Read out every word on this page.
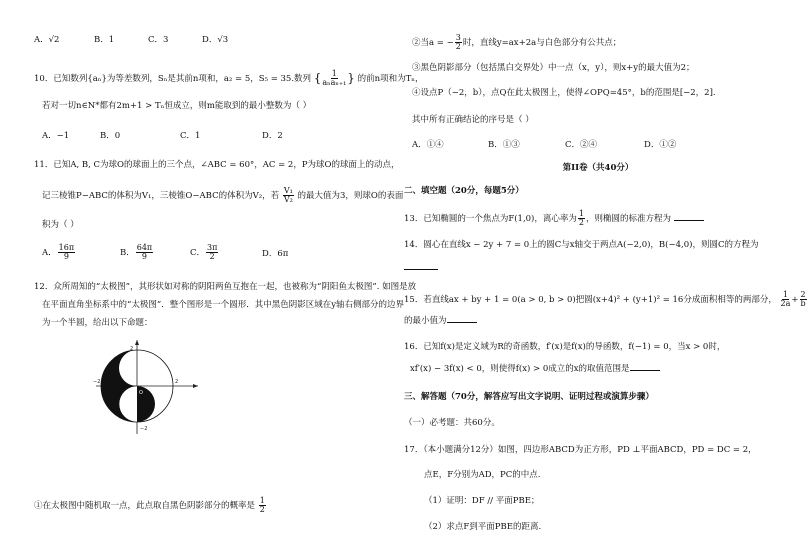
A．√2	B．1	C．3	D．√3
10．已知数列{aₙ}为等差数列，Sₙ是其前n项和，a₂ = 5，S₅ = 35.数列 { $\frac{1}{\text{aₙaₙ₊₁}}$ } 的前n项和为Tₙ，
若对一切n∈N*都有2m+1 > Tₙ恒成立，则m能取到的最小整数为（ ）
A．−1	B．0	C．1	D．2
11．已知A, B, C为球O的球面上的三个点，∠ABC = 60°，AC = 2，P为球O的球面上的动点，
记三棱锥P−ABC的体积为V₁，三棱锥O−ABC的体积为V₂，若 $\frac{\text{V₁}}{\text{V₂}}$ 的最大值为3，则球O的表面
积为（ ）
A． $\frac{16\pi}{9}$	B． $\frac{64\pi}{9}$	C． $\frac{3\pi}{2}$	D．6π
12．众所周知的“太极图”，其形状如对称的阴阳两鱼互抱在一起，也被称为“阴阳鱼太极图”. 如图是放
在平面直角坐标系中的“太极图”．整个图形是一个圆形．其中黑色阴影区域在y轴右侧部分的边界
为一个半圆，给出以下命题：
−2	2
2
−2
O
①在太极图中随机取一点，此点取自黑色阴影部分的概率是 $\frac{1}{2}$
②当a = − $\frac{3}{2}$ 时，直线y=ax+2a与白色部分有公共点；
③黑色阴影部分（包括黑白交界处）中一点（x，y），则x+y的最大值为2；
④设点P（−2，b），点Q在此太极图上，使得∠OPQ=45°，b的范围是[−2，2].
其中所有正确结论的序号是（ ）
A．①④	B．①③	C．②④	D．①②
第II卷（共40分）
二、填空题（20分，每题5分）
13．已知椭圆的一个焦点为F(1,0)，离心率为 $\frac{1}{2}$ ，则椭圆的标准方程为
14．圆心在直线x − 2y + 7 = 0上的圆C与x轴交于两点A(−2,0)，B(−4,0)，则圆C的方程为
15．若直线ax + by + 1 = 0(a > 0, b > 0)把圆(x+4)² + (y+1)² = 16分成面积相等的两部分， $\frac{1}{2a} + \frac{2}{b}$
的最小值为
16．已知f(x)是定义域为R的奇函数，f′(x)是f(x)的导函数，f(−1) = 0，当x > 0时，
xf′(x) − 3f(x) < 0，则使得f(x) > 0成立的x的取值范围是
三、解答题（70分，解答应写出文字说明、证明过程或演算步骤）
（一）必考题：共60分。
17．（本小题满分12分）如图，四边形ABCD为正方形，PD ⊥平面ABCD，PD = DC = 2，
点E，F分别为AD，PC的中点.
（1）证明：DF // 平面PBE；
（2）求点F到平面PBE的距离.
